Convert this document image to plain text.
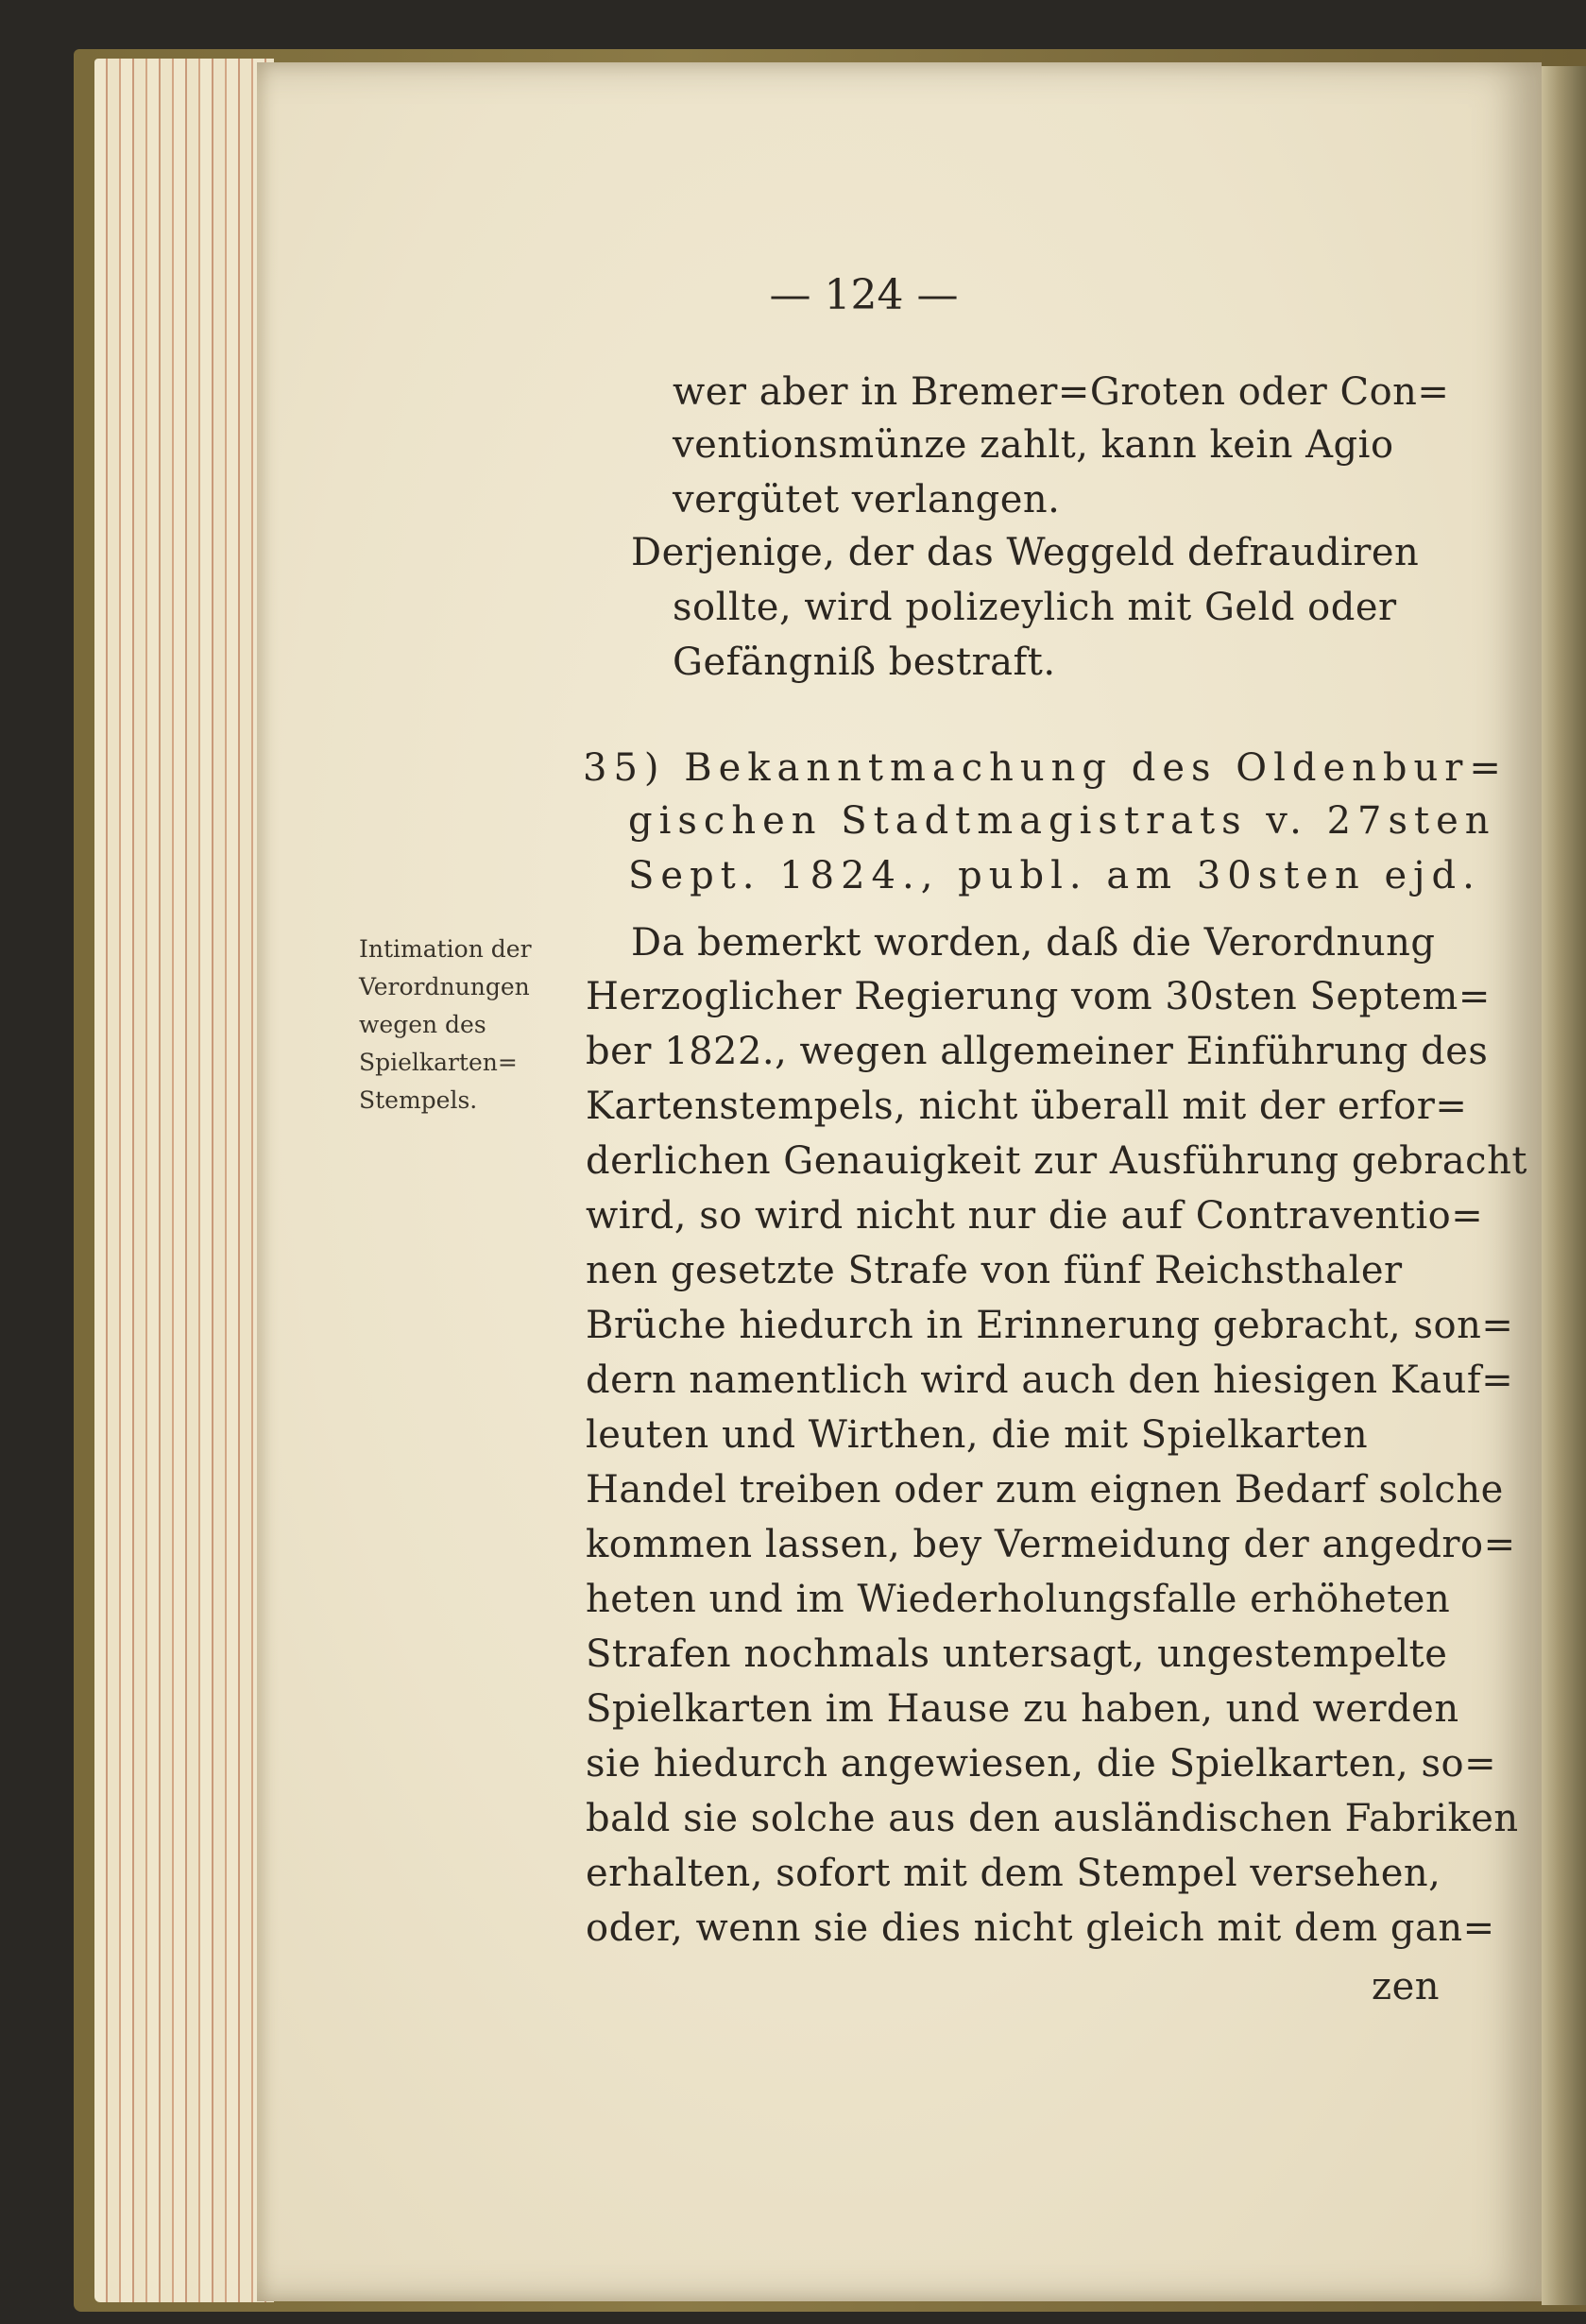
— 124 —
wer aber in Bremer=Groten oder Con=
ventionsmünze zahlt, kann kein Agio
vergütet verlangen.
Derjenige, der das Weggeld defraudiren
sollte, wird polizeylich mit Geld oder
Gefängniß bestraft.
35) Bekanntmachung des Oldenbur=
gischen Stadtmagistrats v. 27sten
Sept. 1824., publ. am 30sten ejd.
Intimation der
Verordnungen
wegen des
Spielkarten=
Stempels.
Da bemerkt worden, daß die Verordnung
Herzoglicher Regierung vom 30sten Septem=
ber 1822., wegen allgemeiner Einführung des
Kartenstempels, nicht überall mit der erfor=
derlichen Genauigkeit zur Ausführung gebracht
wird, so wird nicht nur die auf Contraventio=
nen gesetzte Strafe von fünf Reichsthaler
Brüche hiedurch in Erinnerung gebracht, son=
dern namentlich wird auch den hiesigen Kauf=
leuten und Wirthen, die mit Spielkarten
Handel treiben oder zum eignen Bedarf solche
kommen lassen, bey Vermeidung der angedro=
heten und im Wiederholungsfalle erhöheten
Strafen nochmals untersagt, ungestempelte
Spielkarten im Hause zu haben, und werden
sie hiedurch angewiesen, die Spielkarten, so=
bald sie solche aus den ausländischen Fabriken
erhalten, sofort mit dem Stempel versehen,
oder, wenn sie dies nicht gleich mit dem gan=
zen
